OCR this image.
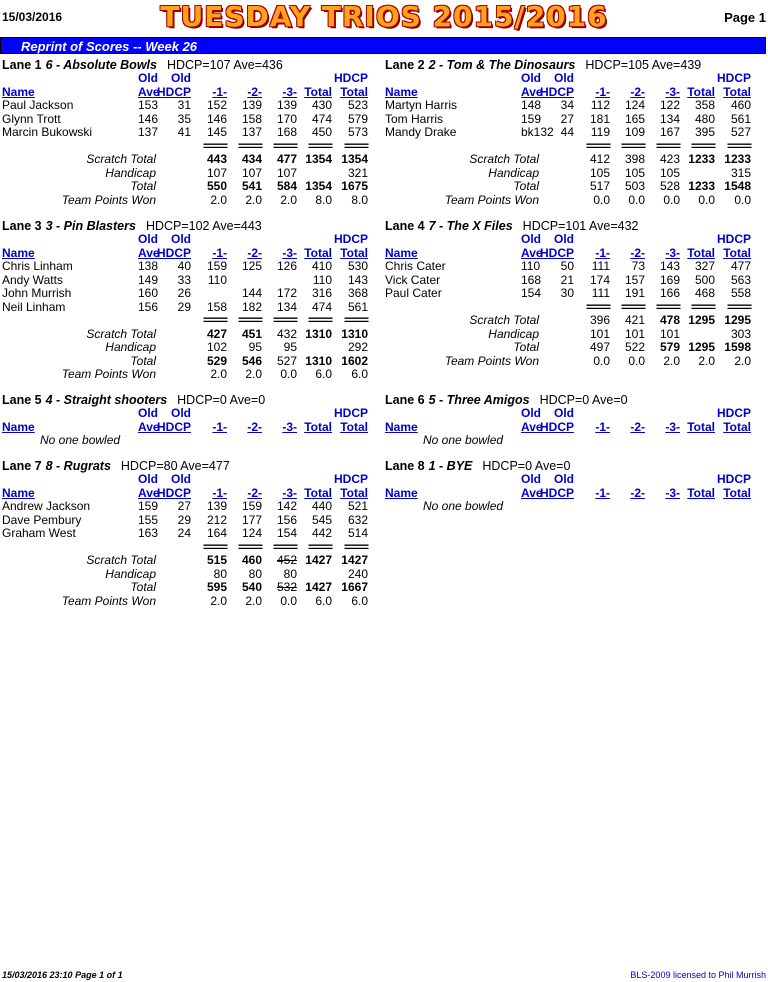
15/03/2016	TUESDAY TRIOS 2015/2016	Page 1
Reprint of Scores -- Week 26
Lane 1 6 - Absolute Bowls HDCP=107 Ave=436
	Old	Old					HDCP
Name	Ave	HDCP	-1-	-2-	-3-	Total	Total
Paul Jackson	153	31	152	139	139	430	523
Glynn Trott	146	35	146	158	170	474	579
Marcin Bukowski	137	41	145	137	168	450	573
			====	====	====	====	====
Scratch Total			443	434	477	1354	1354
Handicap			107	107	107		321
Total			550	541	584	1354	1675
Team Points Won			2.0	2.0	2.0	8.0	8.0
Lane 2 2 - Tom & The Dinosaurs HDCP=105 Ave=439
	Old	Old					HDCP
Name	Ave	HDCP	-1-	-2-	-3-	Total	Total
Martyn Harris	148	34	112	124	122	358	460
Tom Harris	159	27	181	165	134	480	561
Mandy Drake	bk132	44	119	109	167	395	527
			====	====	====	====	====
Scratch Total			412	398	423	1233	1233
Handicap			105	105	105		315
Total			517	503	528	1233	1548
Team Points Won			0.0	0.0	0.0	0.0	0.0
Lane 3 3 - Pin Blasters HDCP=102 Ave=443
	Old	Old					HDCP
Name	Ave	HDCP	-1-	-2-	-3-	Total	Total
Chris Linham	138	40	159	125	126	410	530
Andy Watts	149	33	110			110	143
John Murrish	160	26		144	172	316	368
Neil Linham	156	29	158	182	134	474	561
			====	====	====	====	====
Scratch Total			427	451	432	1310	1310
Handicap			102	95	95		292
Total			529	546	527	1310	1602
Team Points Won			2.0	2.0	0.0	6.0	6.0
Lane 4 7 - The X Files HDCP=101 Ave=432
	Old	Old					HDCP
Name	Ave	HDCP	-1-	-2-	-3-	Total	Total
Chris Cater	110	50	111	73	143	327	477
Vick Cater	168	21	174	157	169	500	563
Paul Cater	154	30	111	191	166	468	558
			====	====	====	====	====
Scratch Total			396	421	478	1295	1295
Handicap			101	101	101		303
Total			497	522	579	1295	1598
Team Points Won			0.0	0.0	2.0	2.0	2.0
Lane 5 4 - Straight shooters HDCP=0 Ave=0
	Old	Old					HDCP
Name	Ave	HDCP	-1-	-2-	-3-	Total	Total
No one bowled							
Lane 6 5 - Three Amigos HDCP=0 Ave=0
	Old	Old					HDCP
Name	Ave	HDCP	-1-	-2-	-3-	Total	Total
No one bowled							
Lane 7 8 - Rugrats HDCP=80 Ave=477
	Old	Old					HDCP
Name	Ave	HDCP	-1-	-2-	-3-	Total	Total
Andrew Jackson	159	27	139	159	142	440	521
Dave Pembury	155	29	212	177	156	545	632
Graham West	163	24	164	124	154	442	514
			====	====	====	====	====
Scratch Total			515	460	452	1427	1427
Handicap			80	80	80		240
Total			595	540	532	1427	1667
Team Points Won			2.0	2.0	0.0	6.0	6.0
Lane 8 1 - BYE HDCP=0 Ave=0
	Old	Old					HDCP
Name	Ave	HDCP	-1-	-2-	-3-	Total	Total
No one bowled							
15/03/2016 23:10 Page 1 of 1	BLS-2009 licensed to Phil Murrish
